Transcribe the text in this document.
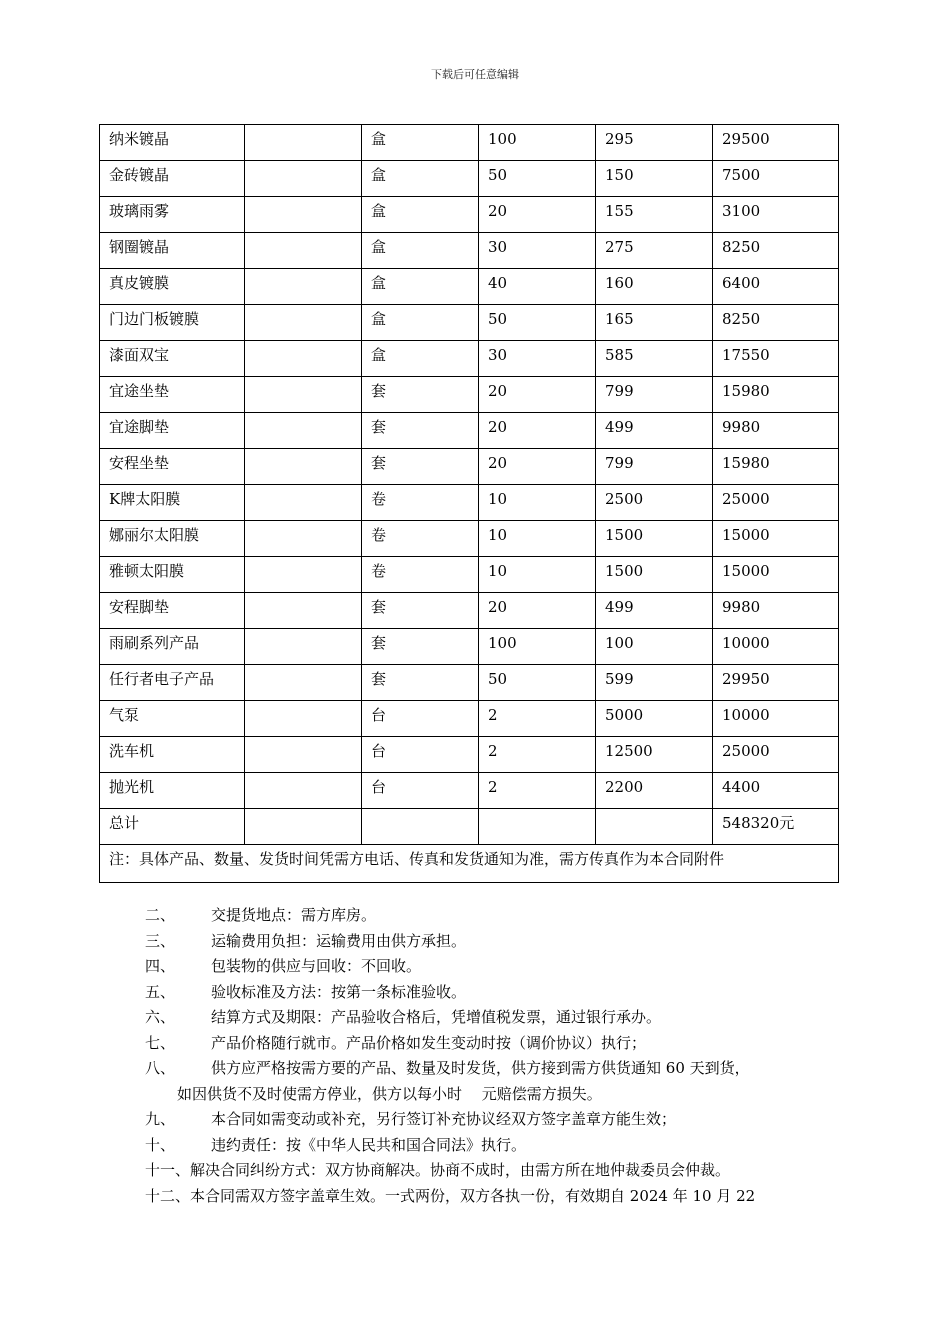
下载后可任意编辑
纳米镀晶		盒	100	295	29500
金砖镀晶		盒	50	150	7500
玻璃雨雾		盒	20	155	3100
钢圈镀晶		盒	30	275	8250
真皮镀膜		盒	40	160	6400
门边门板镀膜		盒	50	165	8250
漆面双宝		盒	30	585	17550
宜途坐垫		套	20	799	15980
宜途脚垫		套	20	499	9980
安程坐垫		套	20	799	15980
K牌太阳膜		卷	10	2500	25000
娜丽尔太阳膜		卷	10	1500	15000
雅顿太阳膜		卷	10	1500	15000
安程脚垫		套	20	499	9980
雨刷系列产品		套	100	100	10000
任行者电子产品		套	50	599	29950
气泵		台	2	5000	10000
洗车机		台	2	12500	25000
抛光机		台	2	2200	4400
总计					548320元
注：具体产品、数量、发货时间凭需方电话、传真和发货通知为准，需方传真作为本合同附件					
二、 交提货地点：需方库房。
三、 运输费用负担：运输费用由供方承担。
四、 包装物的供应与回收：不回收。
五、 验收标准及方法：按第一条标准验收。
六、 结算方式及期限：产品验收合格后，凭增值税发票，通过银行承办。
七、 产品价格随行就市。产品价格如发生变动时按（调价协议）执行；
八、 供方应严格按需方要的产品、数量及时发货，供方接到需方供货通知 60 天到货，
如因供货不及时使需方停业，供方以每小时　 元赔偿需方损失。
九、 本合同如需变动或补充，另行签订补充协议经双方签字盖章方能生效；
十、 违约责任：按《中华人民共和国合同法》执行。
十一、解决合同纠纷方式：双方协商解决。协商不成时，由需方所在地仲裁委员会仲裁。
十二、本合同需双方签字盖章生效。一式两份，双方各执一份，有效期自 2024 年 10 月 22
